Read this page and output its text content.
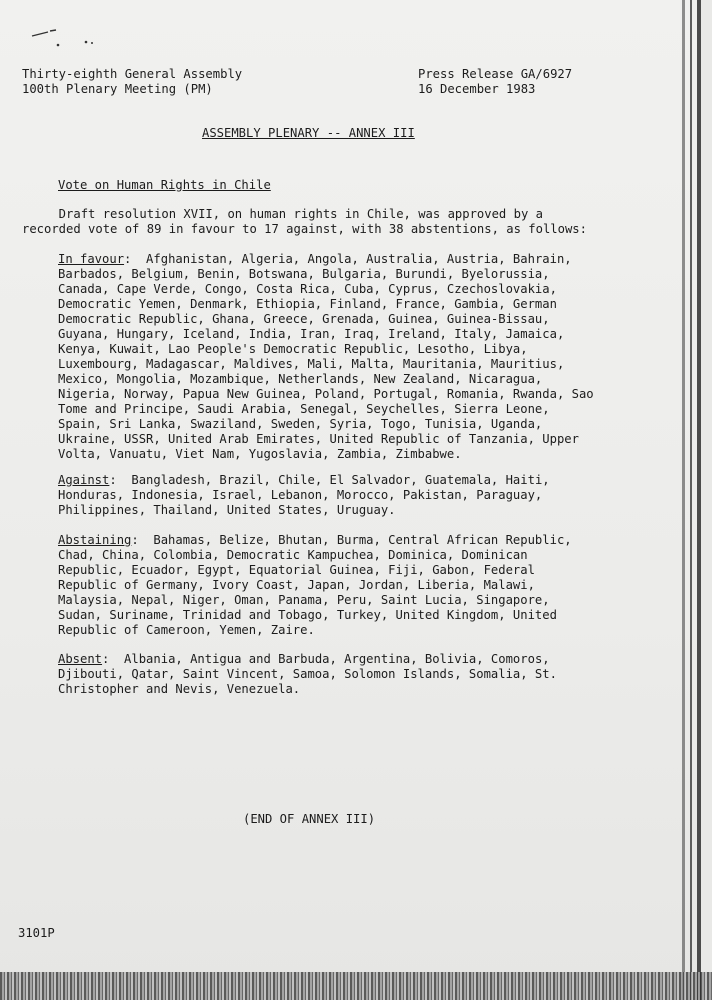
Thirty-eighth General Assembly
100th Plenary Meeting (PM)
Press Release GA/6927
16 December 1983
ASSEMBLY PLENARY -- ANNEX III
Vote on Human Rights in Chile
Draft resolution XVII, on human rights in Chile, was approved by a
recorded vote of 89 in favour to 17 against, with 38 abstentions, as follows:
In favour:  Afghanistan, Algeria, Angola, Australia, Austria, Bahrain,
Barbados, Belgium, Benin, Botswana, Bulgaria, Burundi, Byelorussia,
Canada, Cape Verde, Congo, Costa Rica, Cuba, Cyprus, Czechoslovakia,
Democratic Yemen, Denmark, Ethiopia, Finland, France, Gambia, German
Democratic Republic, Ghana, Greece, Grenada, Guinea, Guinea-Bissau,
Guyana, Hungary, Iceland, India, Iran, Iraq, Ireland, Italy, Jamaica,
Kenya, Kuwait, Lao People's Democratic Republic, Lesotho, Libya,
Luxembourg, Madagascar, Maldives, Mali, Malta, Mauritania, Mauritius,
Mexico, Mongolia, Mozambique, Netherlands, New Zealand, Nicaragua,
Nigeria, Norway, Papua New Guinea, Poland, Portugal, Romania, Rwanda, Sao
Tome and Principe, Saudi Arabia, Senegal, Seychelles, Sierra Leone,
Spain, Sri Lanka, Swaziland, Sweden, Syria, Togo, Tunisia, Uganda,
Ukraine, USSR, United Arab Emirates, United Republic of Tanzania, Upper
Volta, Vanuatu, Viet Nam, Yugoslavia, Zambia, Zimbabwe.
Against:  Bangladesh, Brazil, Chile, El Salvador, Guatemala, Haiti,
Honduras, Indonesia, Israel, Lebanon, Morocco, Pakistan, Paraguay,
Philippines, Thailand, United States, Uruguay.
Abstaining:  Bahamas, Belize, Bhutan, Burma, Central African Republic,
Chad, China, Colombia, Democratic Kampuchea, Dominica, Dominican
Republic, Ecuador, Egypt, Equatorial Guinea, Fiji, Gabon, Federal
Republic of Germany, Ivory Coast, Japan, Jordan, Liberia, Malawi,
Malaysia, Nepal, Niger, Oman, Panama, Peru, Saint Lucia, Singapore,
Sudan, Suriname, Trinidad and Tobago, Turkey, United Kingdom, United
Republic of Cameroon, Yemen, Zaire.
Absent:  Albania, Antigua and Barbuda, Argentina, Bolivia, Comoros,
Djibouti, Qatar, Saint Vincent, Samoa, Solomon Islands, Somalia, St.
Christopher and Nevis, Venezuela.
(END OF ANNEX III)
3101P
